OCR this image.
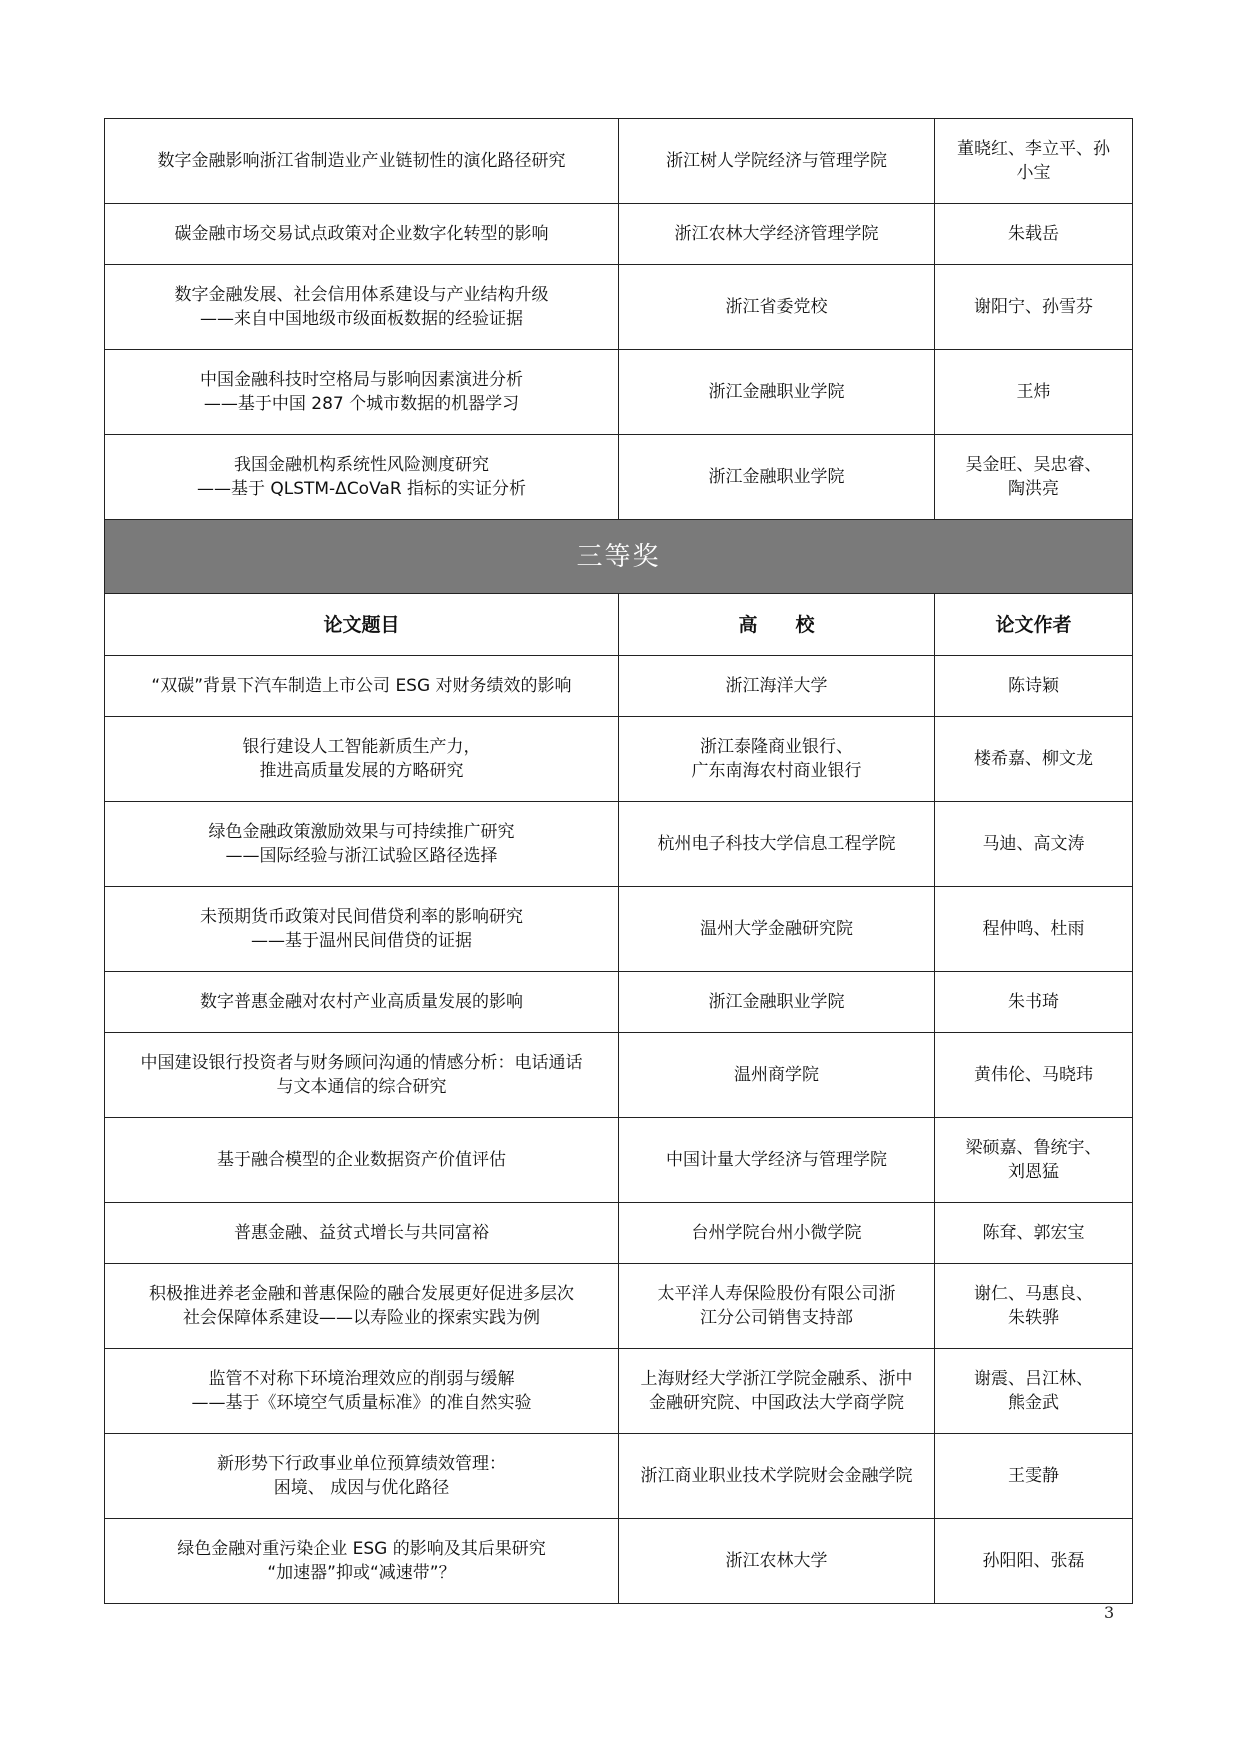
数字金融影响浙江省制造业产业链韧性的演化路径研究	浙江树人学院经济与管理学院	董晓红、李立平、孙
小宝

碳金融市场交易试点政策对企业数字化转型的影响	浙江农林大学经济管理学院	朱载岳

数字金融发展、社会信用体系建设与产业结构升级
——来自中国地级市级面板数据的经验证据	浙江省委党校	谢阳宁、孙雪芬

中国金融科技时空格局与影响因素演进分析
——基于中国 287 个城市数据的机器学习	浙江金融职业学院	王炜

我国金融机构系统性风险测度研究
——基于 QLSTM-ΔCoVaR 指标的实证分析	浙江金融职业学院	吴金旺、吴忠睿、
陶洪亮

三等奖		
论文题目	高　　校	论文作者

“双碳”背景下汽车制造上市公司 ESG 对财务绩效的影响	浙江海洋大学	陈诗颖

银行建设人工智能新质生产力，
推进高质量发展的方略研究	浙江泰隆商业银行、
广东南海农村商业银行	楼希嘉、柳文龙

绿色金融政策激励效果与可持续推广研究
——国际经验与浙江试验区路径选择	杭州电子科技大学信息工程学院	马迪、高文涛

未预期货币政策对民间借贷利率的影响研究
——基于温州民间借贷的证据	温州大学金融研究院	程仲鸣、杜雨

数字普惠金融对农村产业高质量发展的影响	浙江金融职业学院	朱书琦

中国建设银行投资者与财务顾问沟通的情感分析：电话通话
与文本通信的综合研究	温州商学院	黄伟伦、马晓玮

基于融合模型的企业数据资产价值评估	中国计量大学经济与管理学院	梁硕嘉、鲁统宇、
刘恩猛

普惠金融、益贫式增长与共同富裕	台州学院台州小微学院	陈耷、郭宏宝

积极推进养老金融和普惠保险的融合发展更好促进多层次
社会保障体系建设——以寿险业的探索实践为例	太平洋人寿保险股份有限公司浙
江分公司销售支持部	谢仁、马惠良、
朱轶骅

监管不对称下环境治理效应的削弱与缓解
——基于《环境空气质量标准》的准自然实验	上海财经大学浙江学院金融系、浙中
金融研究院、中国政法大学商学院	谢震、吕江林、
熊金武

新形势下行政事业单位预算绩效管理：
困境、 成因与优化路径	浙江商业职业技术学院财会金融学院	王雯静

绿色金融对重污染企业 ESG 的影响及其后果研究
“加速器”抑或“减速带”？	浙江农林大学	孙阳阳、张磊
3
